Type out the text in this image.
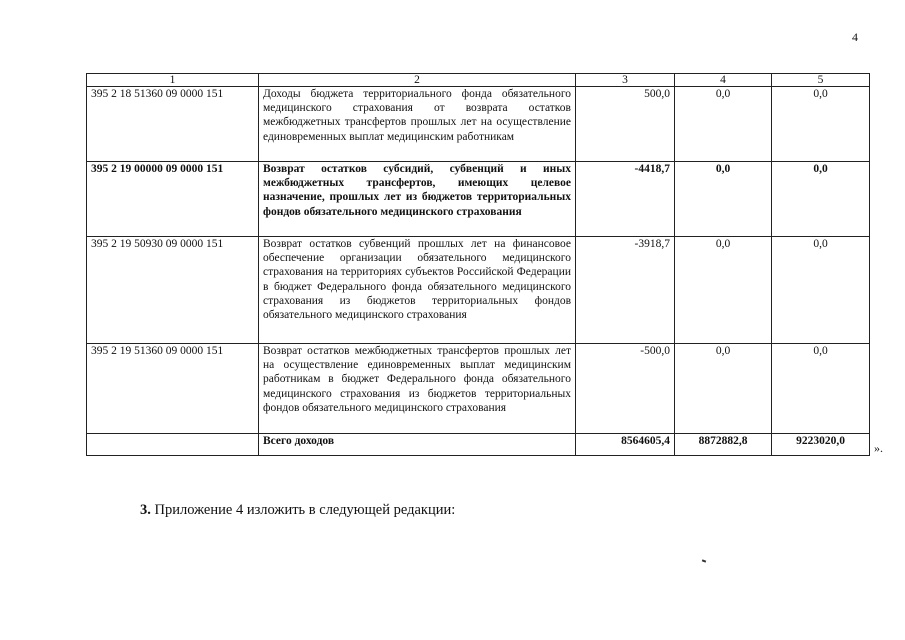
4
1	2	3	4	5
395 2 18 51360 09 0000 151	Доходы бюджета территориального фонда обязательного медицинского страхования от возврата остатков межбюджетных трансфертов прошлых лет на осуществление единовременных выплат медицинским работникам	500,0	0,0	0,0
395 2 19 00000 09 0000 151	Возврат остатков субсидий, субвенций и иных межбюджетных трансфертов, имеющих целевое назначение, прошлых лет из бюджетов территориальных фондов обязательного медицинского страхования	-4418,7	0,0	0,0
395 2 19 50930 09 0000 151	Возврат остатков субвенций прошлых лет на финансовое обеспечение организации обязательного медицинского страхования на территориях субъектов Российской Федерации в бюджет Федерального фонда обязательного медицинского страхования из бюджетов территориальных фондов обязательного медицинского страхования	-3918,7	0,0	0,0
395 2 19 51360 09 0000 151	Возврат остатков межбюджетных трансфертов прошлых лет на осуществление единовременных выплат медицинским работникам в бюджет Федерального фонда обязательного медицинского страхования из бюджетов территориальных фондов обязательного медицинского страхования	-500,0	0,0	0,0
	Всего доходов	8564605,4	8872882,8	9223020,0 ».
3. Приложение 4 изложить в следующей редакции:
